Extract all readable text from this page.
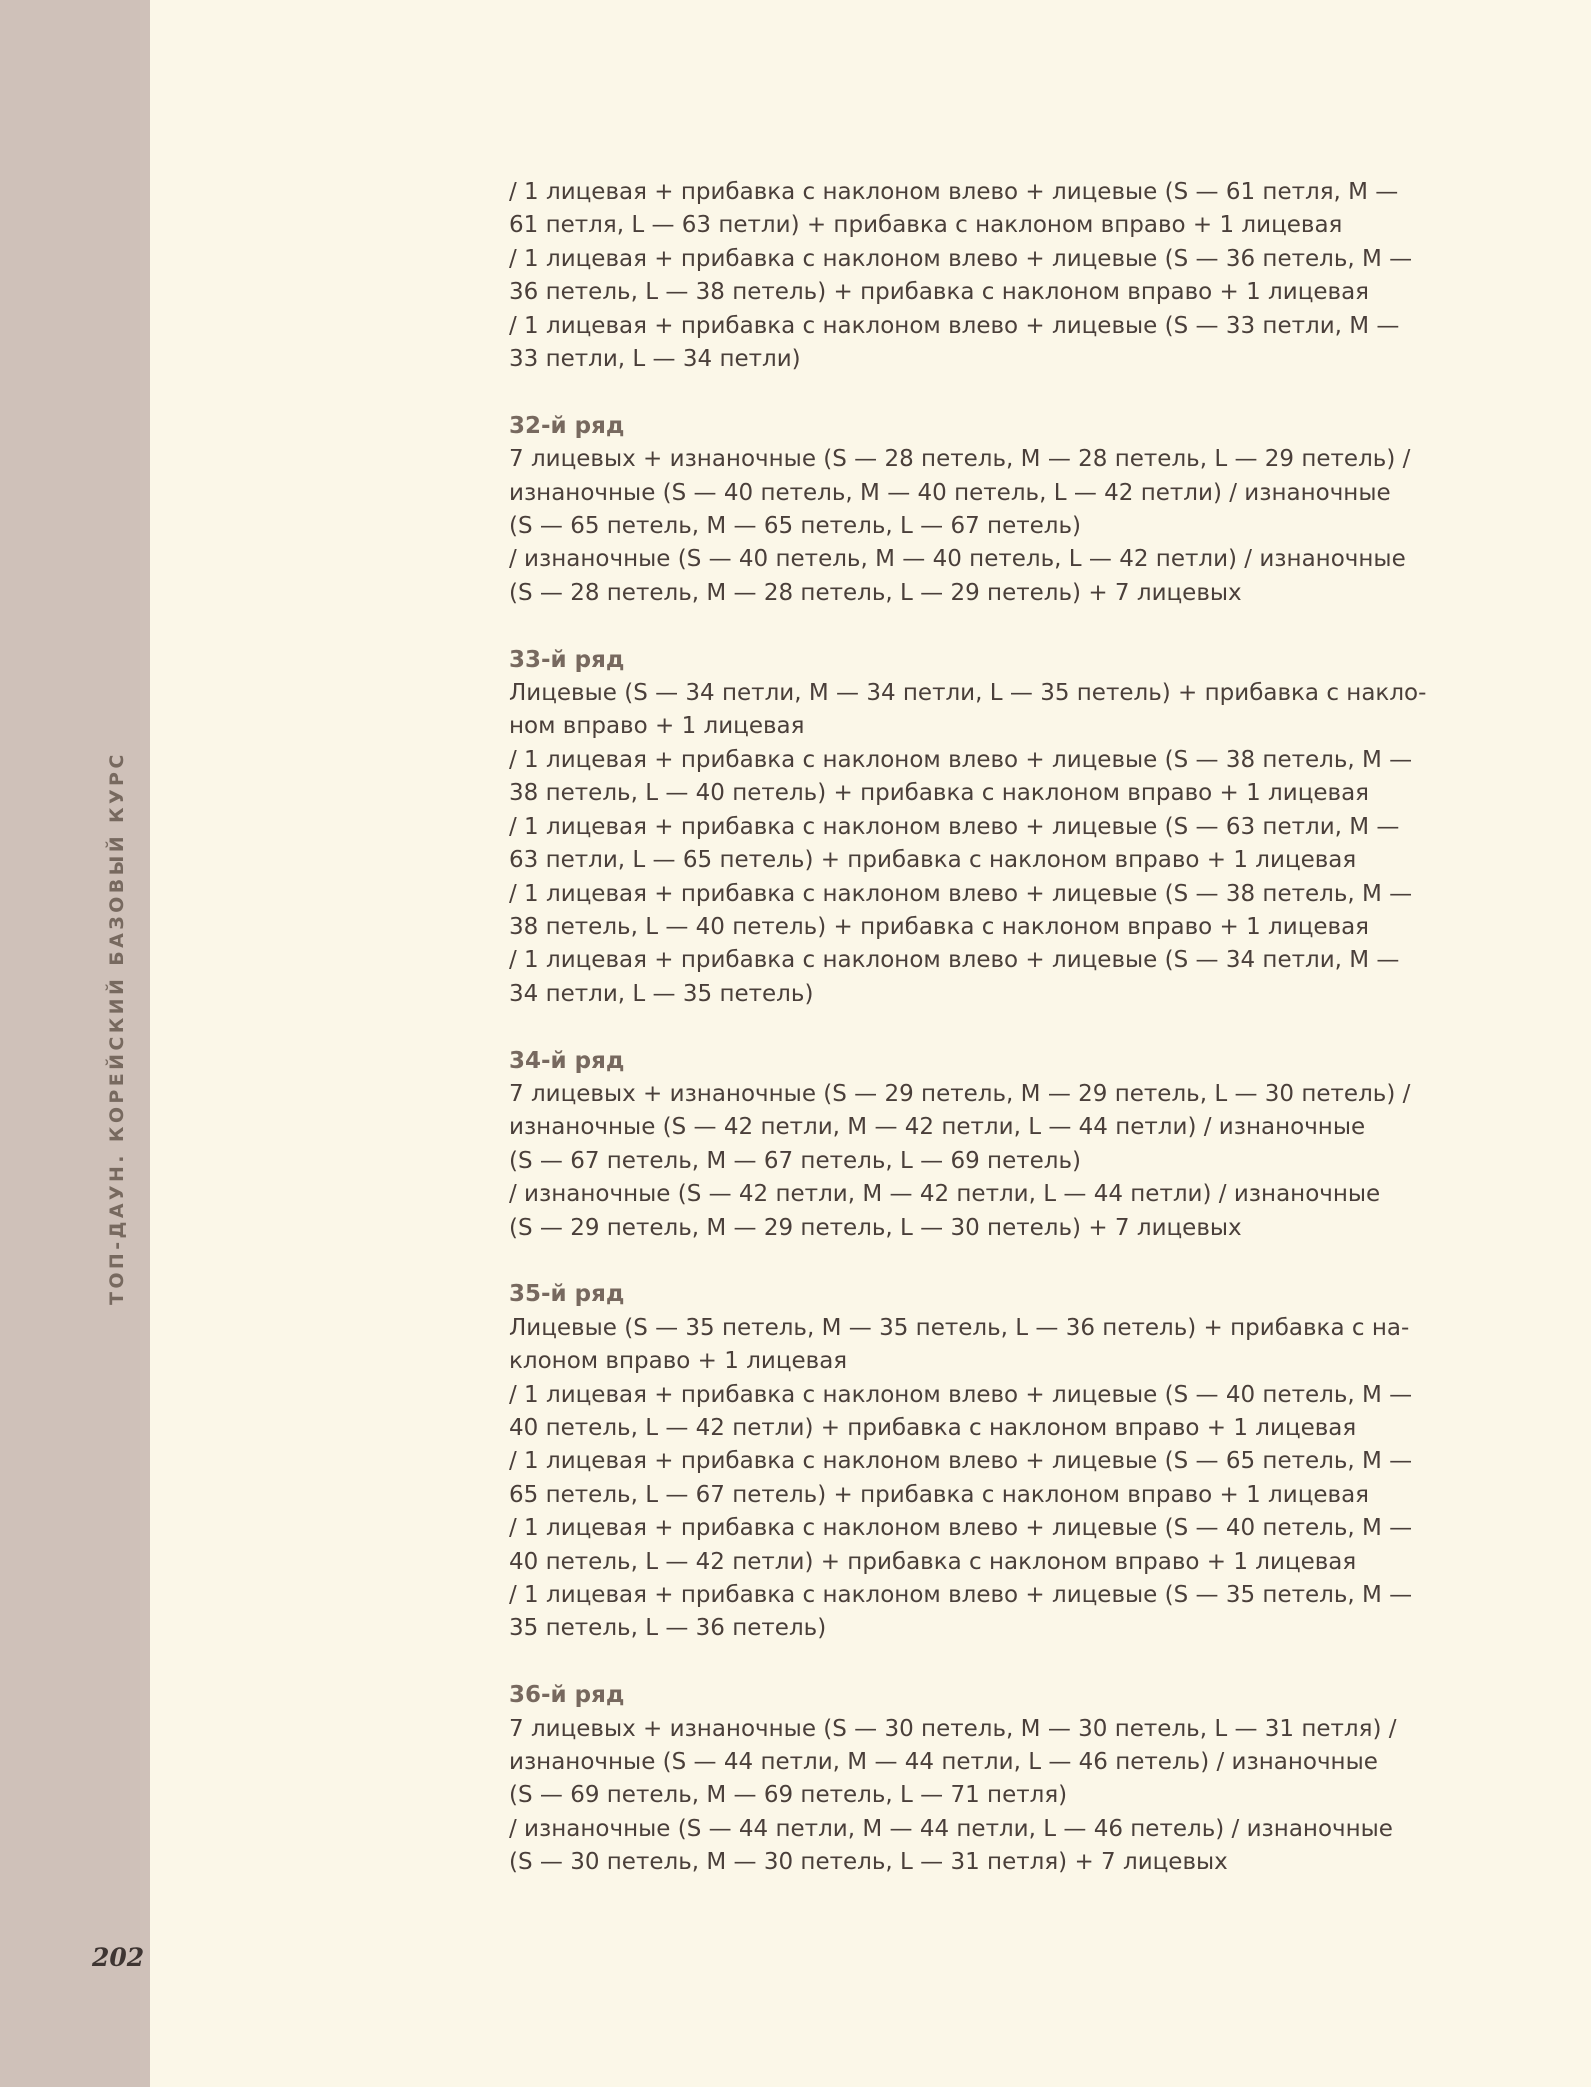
ТОП-ДАУН. КОРЕЙСКИЙ БАЗОВЫЙ КУРС
202
/ 1 лицевая + прибавка с наклоном влево + лицевые (S — 61 петля, M —
61 петля, L — 63 петли) + прибавка с наклоном вправо + 1 лицевая
/ 1 лицевая + прибавка с наклоном влево + лицевые (S — 36 петель, M —
36 петель, L — 38 петель) + прибавка с наклоном вправо + 1 лицевая
/ 1 лицевая + прибавка с наклоном влево + лицевые (S — 33 петли, M —
33 петли, L — 34 петли)
32-й ряд
7 лицевых + изнаночные (S — 28 петель, M — 28 петель, L — 29 петель) /
изнаночные (S — 40 петель, M — 40 петель, L — 42 петли) / изнаночные
(S — 65 петель, M — 65 петель, L — 67 петель)
/ изнаночные (S — 40 петель, M — 40 петель, L — 42 петли) / изнаночные
(S — 28 петель, M — 28 петель, L — 29 петель) + 7 лицевых
33-й ряд
Лицевые (S — 34 петли, M — 34 петли, L — 35 петель) + прибавка с накло-
ном вправо + 1 лицевая
/ 1 лицевая + прибавка с наклоном влево + лицевые (S — 38 петель, M —
38 петель, L — 40 петель) + прибавка с наклоном вправо + 1 лицевая
/ 1 лицевая + прибавка с наклоном влево + лицевые (S — 63 петли, M —
63 петли, L — 65 петель) + прибавка с наклоном вправо + 1 лицевая
/ 1 лицевая + прибавка с наклоном влево + лицевые (S — 38 петель, M —
38 петель, L — 40 петель) + прибавка с наклоном вправо + 1 лицевая
/ 1 лицевая + прибавка с наклоном влево + лицевые (S — 34 петли, M —
34 петли, L — 35 петель)
34-й ряд
7 лицевых + изнаночные (S — 29 петель, M — 29 петель, L — 30 петель) /
изнаночные (S — 42 петли, M — 42 петли, L — 44 петли) / изнаночные
(S — 67 петель, M — 67 петель, L — 69 петель)
/ изнаночные (S — 42 петли, M — 42 петли, L — 44 петли) / изнаночные
(S — 29 петель, M — 29 петель, L — 30 петель) + 7 лицевых
35-й ряд
Лицевые (S — 35 петель, M — 35 петель, L — 36 петель) + прибавка с на-
клоном вправо + 1 лицевая
/ 1 лицевая + прибавка с наклоном влево + лицевые (S — 40 петель, M —
40 петель, L — 42 петли) + прибавка с наклоном вправо + 1 лицевая
/ 1 лицевая + прибавка с наклоном влево + лицевые (S — 65 петель, M —
65 петель, L — 67 петель) + прибавка с наклоном вправо + 1 лицевая
/ 1 лицевая + прибавка с наклоном влево + лицевые (S — 40 петель, M —
40 петель, L — 42 петли) + прибавка с наклоном вправо + 1 лицевая
/ 1 лицевая + прибавка с наклоном влево + лицевые (S — 35 петель, M —
35 петель, L — 36 петель)
36-й ряд
7 лицевых + изнаночные (S — 30 петель, M — 30 петель, L — 31 петля) /
изнаночные (S — 44 петли, M — 44 петли, L — 46 петель) / изнаночные
(S — 69 петель, M — 69 петель, L — 71 петля)
/ изнаночные (S — 44 петли, M — 44 петли, L — 46 петель) / изнаночные
(S — 30 петель, M — 30 петель, L — 31 петля) + 7 лицевых
